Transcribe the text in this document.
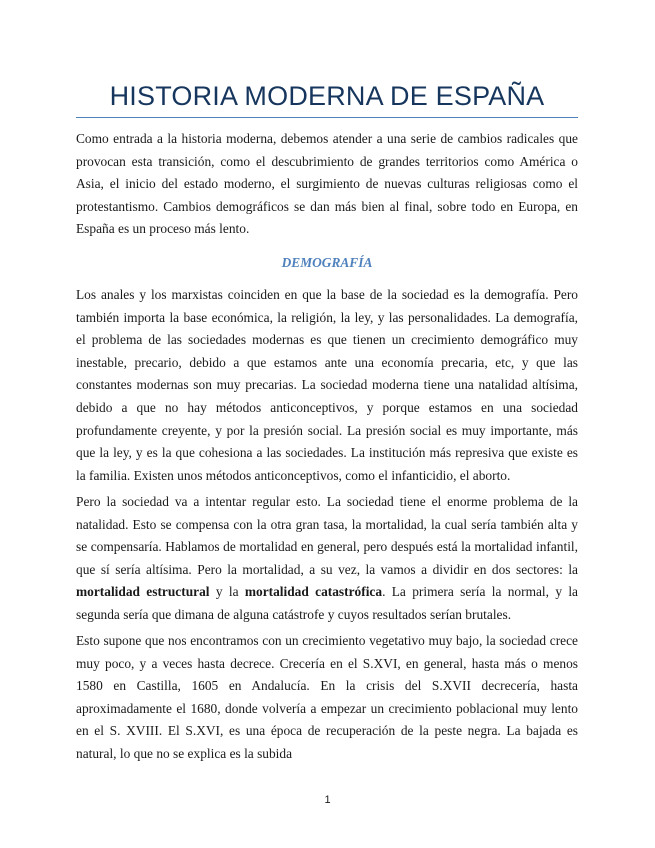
HISTORIA MODERNA DE ESPAÑA

Como entrada a la historia moderna, debemos atender a una serie de cambios radicales que provocan esta transición, como el descubrimiento de grandes territorios como América o Asia, el inicio del estado moderno, el surgimiento de nuevas culturas religiosas como el protestantismo. Cambios demográficos se dan más bien al final, sobre todo en Europa, en España es un proceso más lento.

DEMOGRAFÍA

Los anales y los marxistas coinciden en que la base de la sociedad es la demografía. Pero también importa la base económica, la religión, la ley, y las personalidades. La demografía, el problema de las sociedades modernas es que tienen un crecimiento demográfico muy inestable, precario, debido a que estamos ante una economía precaria, etc, y que las constantes modernas son muy precarias. La sociedad moderna tiene una natalidad altísima, debido a que no hay métodos anticonceptivos, y porque estamos en una sociedad profundamente creyente, y por la presión social. La presión social es muy importante, más que la ley, y es la que cohesiona a las sociedades. La institución más represiva que existe es la familia. Existen unos métodos anticonceptivos, como el infanticidio, el aborto.

Pero la sociedad va a intentar regular esto. La sociedad tiene el enorme problema de la natalidad. Esto se compensa con la otra gran tasa, la mortalidad, la cual sería también alta y se compensaría. Hablamos de mortalidad en general, pero después está la mortalidad infantil, que sí sería altísima. Pero la mortalidad, a su vez, la vamos a dividir en dos sectores: la mortalidad estructural y la mortalidad catastrófica. La primera sería la normal, y la segunda sería que dimana de alguna catástrofe y cuyos resultados serían brutales.

Esto supone que nos encontramos con un crecimiento vegetativo muy bajo, la sociedad crece muy poco, y a veces hasta decrece. Crecería en el S.XVI, en general, hasta más o menos 1580 en Castilla, 1605 en Andalucía. En la crisis del S.XVII decrecería, hasta aproximadamente el 1680, donde volvería a empezar un crecimiento poblacional muy lento en el S. XVIII. El S.XVI, es una época de recuperación de la peste negra. La bajada es natural, lo que no se explica es la subida

1
